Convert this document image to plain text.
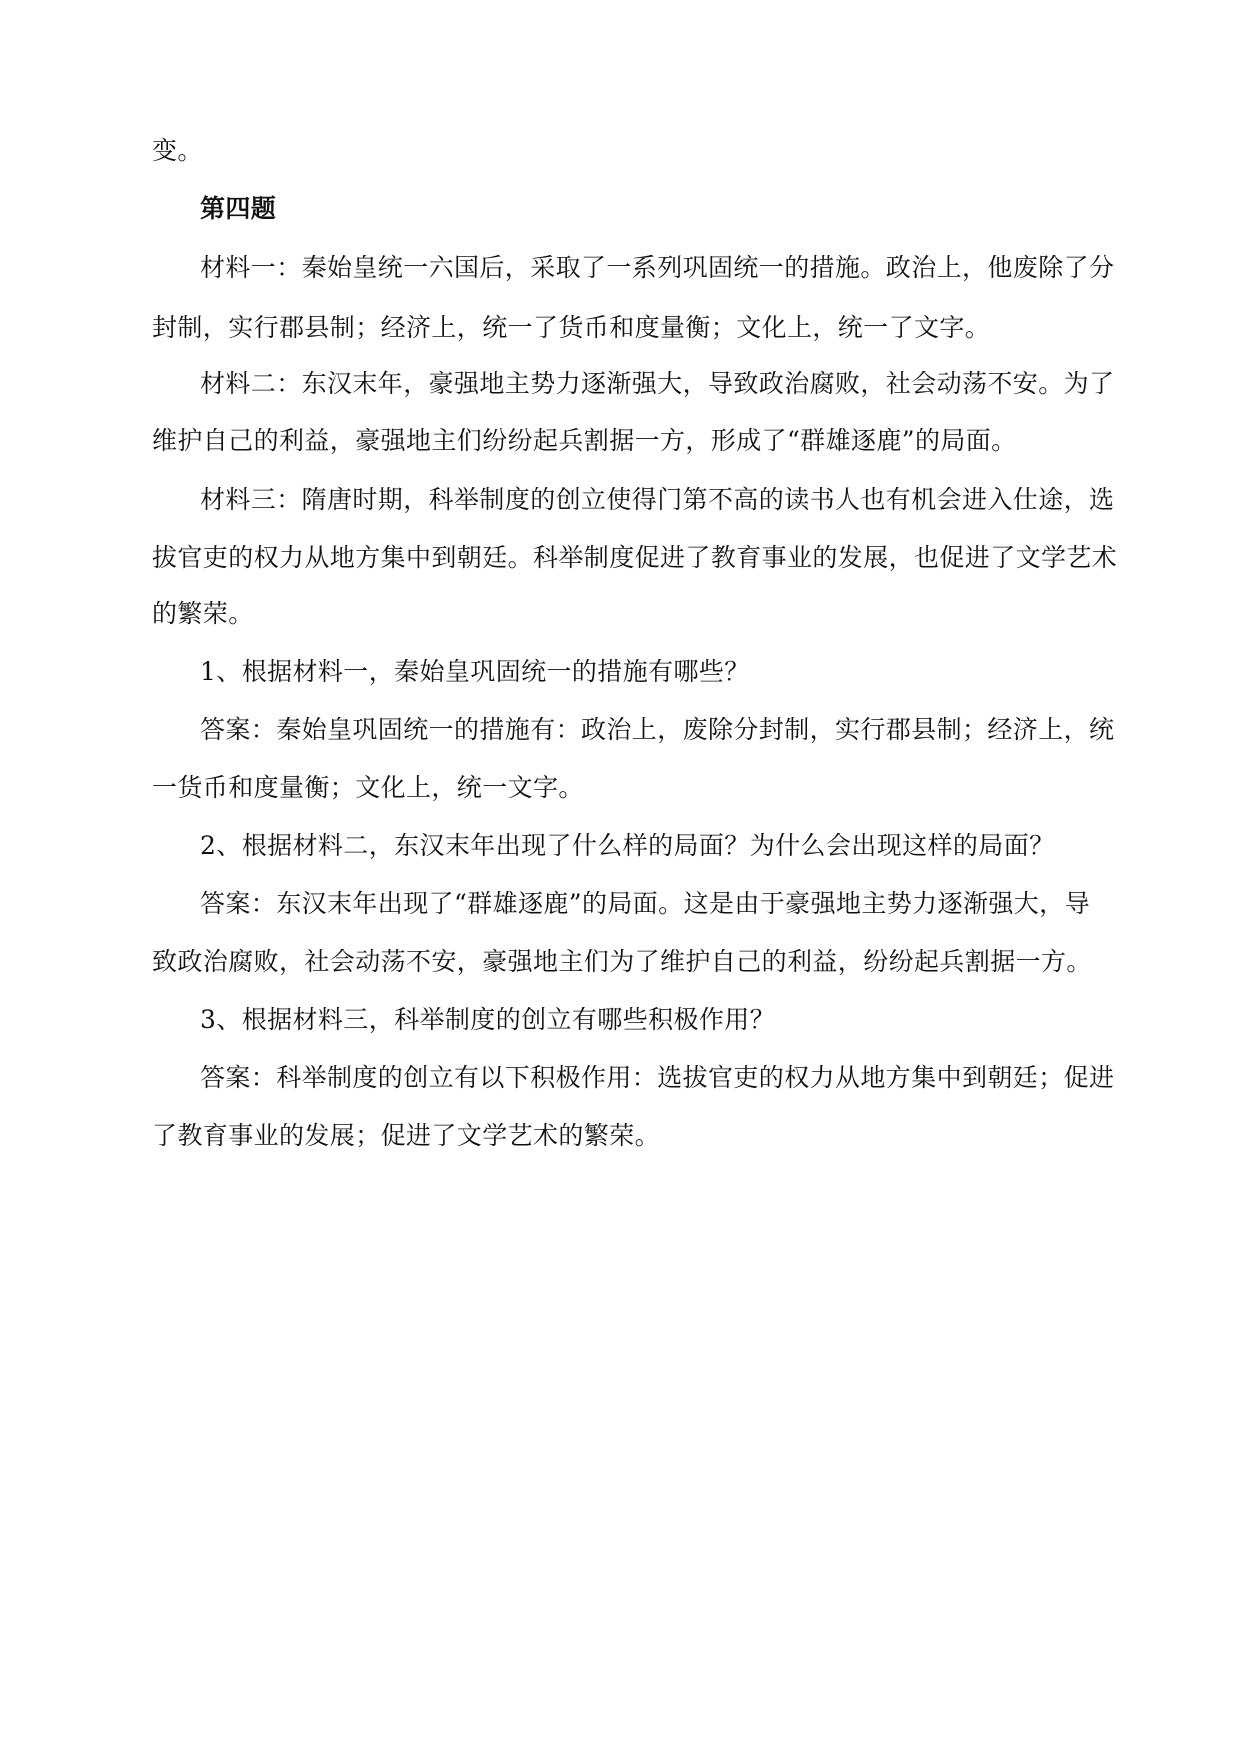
变。
第四题
材料一：秦始皇统一六国后，采取了一系列巩固统一的措施。政治上，他废除了分
封制，实行郡县制；经济上，统一了货币和度量衡；文化上，统一了文字。
材料二：东汉末年，豪强地主势力逐渐强大，导致政治腐败，社会动荡不安。为了
维护自己的利益，豪强地主们纷纷起兵割据一方，形成了“群雄逐鹿”的局面。
材料三：隋唐时期，科举制度的创立使得门第不高的读书人也有机会进入仕途，选
拔官吏的权力从地方集中到朝廷。科举制度促进了教育事业的发展，也促进了文学艺术
的繁荣。
1、根据材料一，秦始皇巩固统一的措施有哪些？
答案：秦始皇巩固统一的措施有：政治上，废除分封制，实行郡县制；经济上，统
一货币和度量衡；文化上，统一文字。
2、根据材料二，东汉末年出现了什么样的局面？为什么会出现这样的局面？
答案：东汉末年出现了“群雄逐鹿”的局面。这是由于豪强地主势力逐渐强大，导
致政治腐败，社会动荡不安，豪强地主们为了维护自己的利益，纷纷起兵割据一方。
3、根据材料三，科举制度的创立有哪些积极作用？
答案：科举制度的创立有以下积极作用：选拔官吏的权力从地方集中到朝廷；促进
了教育事业的发展；促进了文学艺术的繁荣。
